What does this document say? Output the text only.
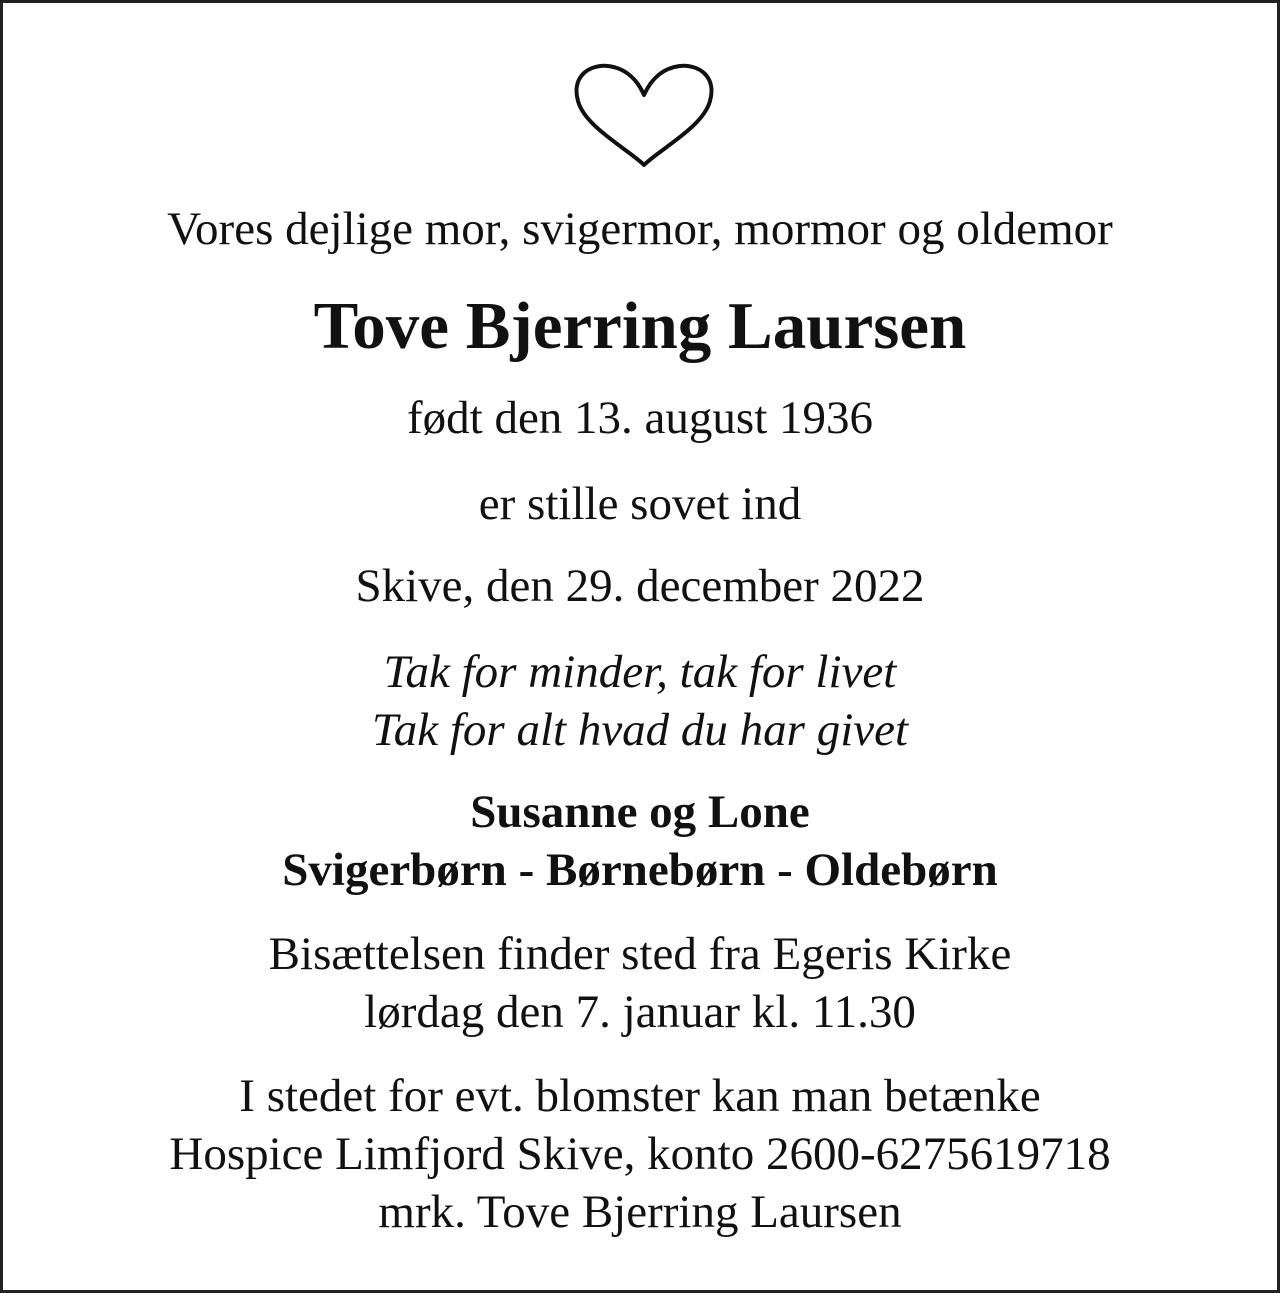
Vores dejlige mor, svigermor, mormor og oldemor
Tove Bjerring Laursen
født den 13. august 1936
er stille sovet ind
Skive, den 29. december 2022
Tak for minder, tak for livet
Tak for alt hvad du har givet
Susanne og Lone
Svigerbørn - Børnebørn - Oldebørn
Bisættelsen finder sted fra Egeris Kirke
lørdag den 7. januar kl. 11.30
I stedet for evt. blomster kan man betænke
Hospice Limfjord Skive, konto 2600-6275619718
mrk. Tove Bjerring Laursen
